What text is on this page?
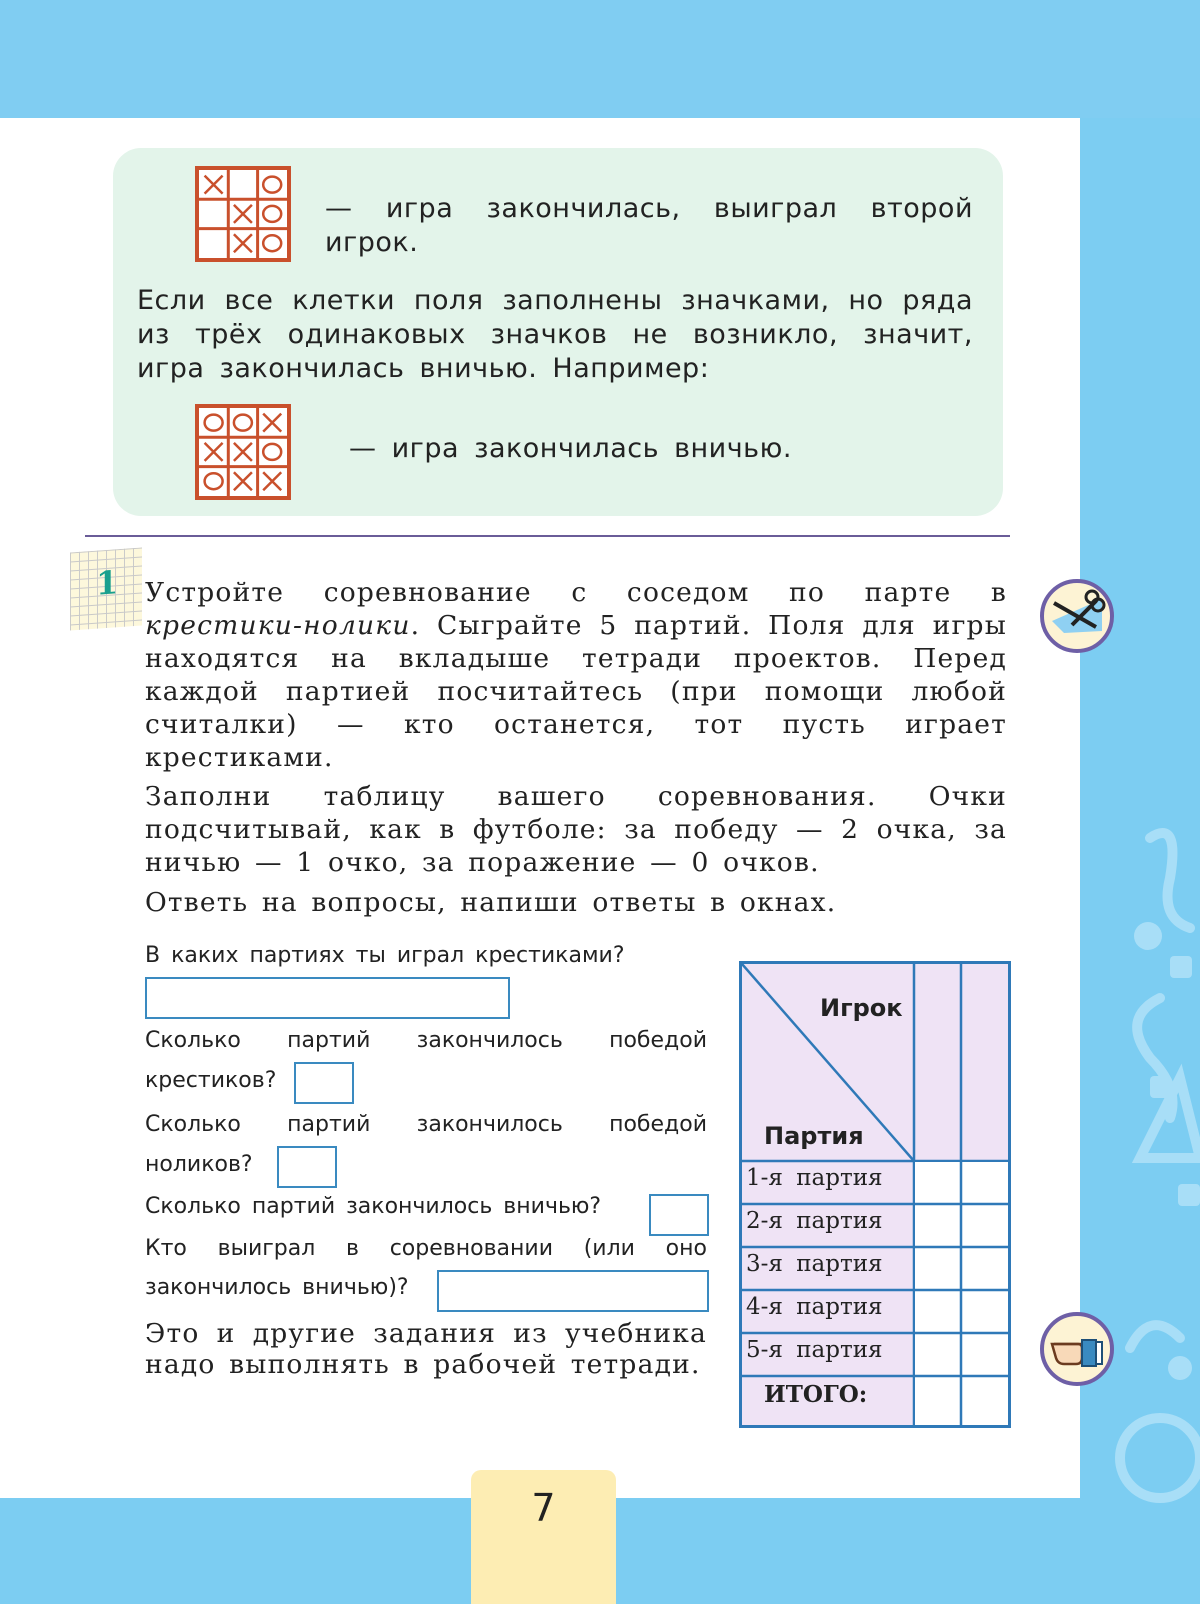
— игра закончилась, выиграл второй игрок.
Если все клетки поля заполнены значками, но ряда из трёх одинаковых значков не возникло, значит, игра закончилась вничью. Например:
— игра закончилась вничью.
1 Устройте соревнование с соседом по парте в крестики-нолики. Сыграйте 5 партий. Поля для игры находятся на вкладыше тетради проектов. Перед каждой партией посчитайтесь (при помощи любой считалки) — кто останется, тот пусть играет крестиками.
Заполни таблицу вашего соревнования. Очки подсчитывай, как в футболе: за победу — 2 очка, за ничью — 1 очко, за поражение — 0 очков.
Ответь на вопросы, напиши ответы в окнах.
В каких партиях ты играл крестиками?
Сколько партий закончилось победой
крестиков?
Сколько партий закончилось победой
ноликов?
Сколько партий закончилось вничью?
Кто выиграл в соревновании (или оно
закончилось вничью)?
Это и другие задания из учебника надо выполнять в рабочей тетради.
Игрок
Партия
1-я партия
2-я партия
3-я партия
4-я партия
5-я партия
ИТОГО:
7
